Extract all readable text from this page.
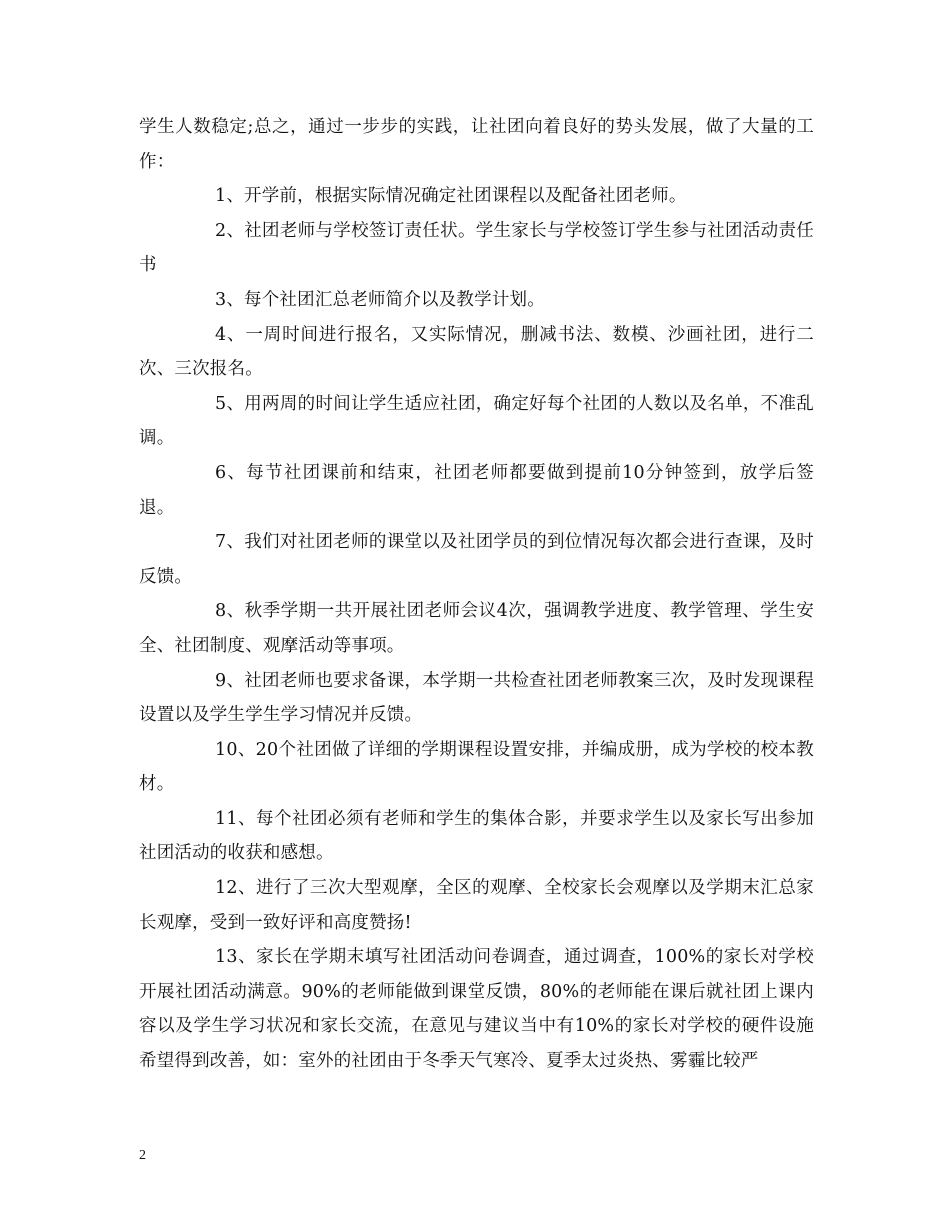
学生人数稳定;总之，通过一步步的实践，让社团向着良好的势头发展，做了大量的工作：

1、开学前，根据实际情况确定社团课程以及配备社团老师。

2、社团老师与学校签订责任状。学生家长与学校签订学生参与社团活动责任书

3、每个社团汇总老师简介以及教学计划。

4、一周时间进行报名，又实际情况，删减书法、数模、沙画社团，进行二次、三次报名。

5、用两周的时间让学生适应社团，确定好每个社团的人数以及名单，不准乱调。

6、每节社团课前和结束，社团老师都要做到提前10分钟签到，放学后签退。

7、我们对社团老师的课堂以及社团学员的到位情况每次都会进行查课，及时反馈。

8、秋季学期一共开展社团老师会议4次，强调教学进度、教学管理、学生安全、社团制度、观摩活动等事项。

9、社团老师也要求备课，本学期一共检查社团老师教案三次，及时发现课程设置以及学生学生学习情况并反馈。

10、20个社团做了详细的学期课程设置安排，并编成册，成为学校的校本教材。

11、每个社团必须有老师和学生的集体合影，并要求学生以及家长写出参加社团活动的收获和感想。

12、进行了三次大型观摩，全区的观摩、全校家长会观摩以及学期末汇总家长观摩，受到一致好评和高度赞扬!

13、家长在学期末填写社团活动问卷调查，通过调查，100%的家长对学校开展社团活动满意。90%的老师能做到课堂反馈，80%的老师能在课后就社团上课内容以及学生学习状况和家长交流，在意见与建议当中有10%的家长对学校的硬件设施希望得到改善，如：室外的社团由于冬季天气寒冷、夏季太过炎热、雾霾比较严

2
